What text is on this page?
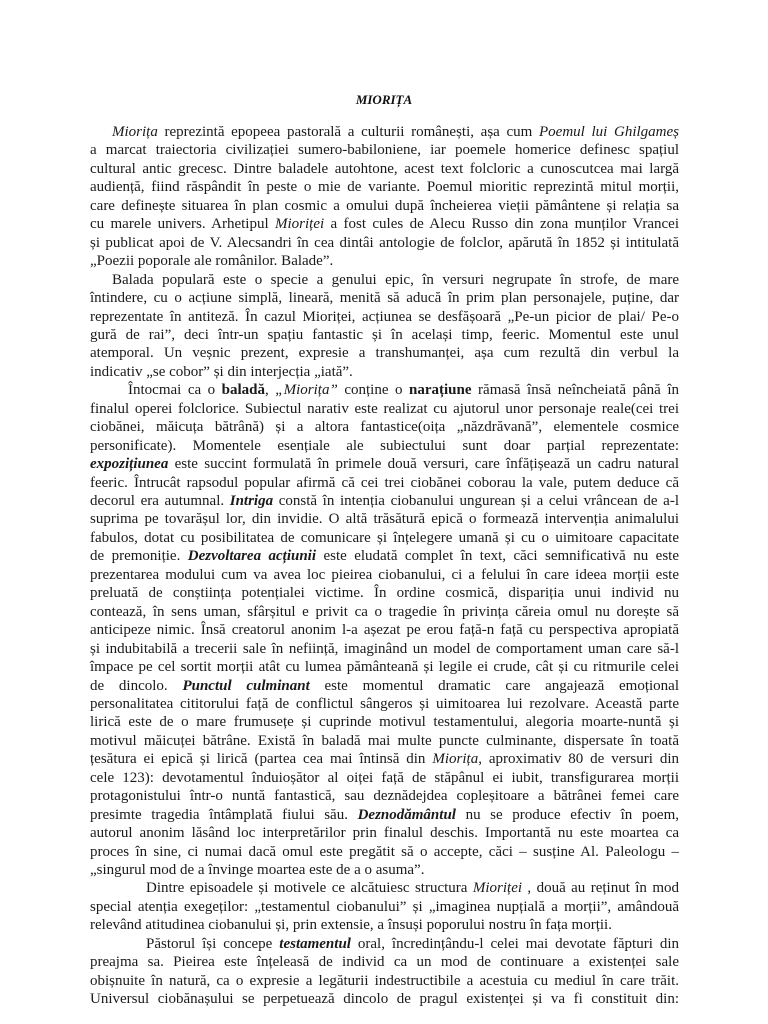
MIORIȚA
Miorița reprezintă epopeea pastorală a culturii românești, așa cum Poemul lui Ghilgameș
a marcat traiectoria civilizației sumero-babiloniene, iar poemele homerice definesc spațiul
cultural antic grecesc. Dintre baladele autohtone, acest text folcloric a cunoscutcea mai largă
audiență, fiind răspândit în peste o mie de variante. Poemul mioritic reprezintă mitul morții,
care definește situarea în plan cosmic a omului după încheierea vieții pământene și relația sa
cu marele univers. Arhetipul Mioriței a fost cules de Alecu Russo din zona munților Vrancei
și publicat apoi de V. Alecsandri în cea dintâi antologie de folclor, apărută în 1852 și intitulată
„Poezii poporale ale românilor. Balade”.
Balada populară este o specie a genului epic, în versuri negrupate în strofe, de mare
întindere, cu o acțiune simplă, lineară, menită să aducă în prim plan personajele, puține, dar
reprezentate în antiteză. În cazul Mioriței, acțiunea se desfășoară „Pe-un picior de plai/ Pe-o
gură de rai”, deci într-un spațiu fantastic și în același timp, feeric. Momentul este unul
atemporal. Un veșnic prezent, expresie a transhumanței, așa cum rezultă din verbul la
indicativ „se cobor” și din interjecția „iată”.
Întocmai ca o baladă, „Miorița” conține o narațiune rămasă însă neîncheiată până în
finalul operei folclorice. Subiectul narativ este realizat cu ajutorul unor personaje reale(cei trei
ciobănei, măicuța bătrână) și a altora fantastice(oița „năzdrăvană”, elementele cosmice
personificate). Momentele esențiale ale subiectului sunt doar parțial reprezentate:
expozițiunea este succint formulată în primele două versuri, care înfățișează un cadru natural
feeric. Întrucât rapsodul popular afirmă că cei trei ciobănei coborau la vale, putem deduce că
decorul era autumnal. Intriga constă în intenția ciobanului ungurean și a celui vrâncean de a-l
suprima pe tovarășul lor, din invidie. O altă trăsătură epică o formează intervenția animalului
fabulos, dotat cu posibilitatea de comunicare și înțelegere umană și cu o uimitoare capacitate
de premoniție. Dezvoltarea acțiunii este eludată complet în text, căci semnificativă nu este
prezentarea modului cum va avea loc pieirea ciobanului, ci a felului în care ideea morții este
preluată de conștiința potențialei victime. În ordine cosmică, dispariția unui individ nu
contează, în sens uman, sfârșitul e privit ca o tragedie în privința căreia omul nu dorește să
anticipeze nimic. Însă creatorul anonim l-a așezat pe erou față-n față cu perspectiva apropiată
și indubitabilă a trecerii sale în neființă, imaginând un model de comportament uman care să-l
împace pe cel sortit morții atât cu lumea pământeană și legile ei crude, cât și cu ritmurile celei
de dincolo. Punctul culminant este momentul dramatic care angajează emoțional
personalitatea cititorului față de conflictul sângeros și uimitoarea lui rezolvare. Această parte
lirică este de o mare frumusețe și cuprinde motivul testamentului, alegoria moarte-nuntă și
motivul măicuței bătrâne. Există în baladă mai multe puncte culminante, dispersate în toată
țesătura ei epică și lirică (partea cea mai întinsă din Miorița, aproximativ 80 de versuri din
cele 123): devotamentul înduioșător al oiței față de stăpânul ei iubit, transfigurarea morții
protagonistului într-o nuntă fantastică, sau deznădejdea copleșitoare a bătrânei femei care
presimte tragedia întâmplată fiului său. Deznodământul nu se produce efectiv în poem,
autorul anonim lăsând loc interpretărilor prin finalul deschis. Importantă nu este moartea ca
proces în sine, ci numai dacă omul este pregătit să o accepte, căci – susține Al. Paleologu –
„singurul mod de a învinge moartea este de a o asuma”.
Dintre episoadele și motivele ce alcătuiesc structura Mioriței , două au reținut în mod
special atenția exegeților: „testamentul ciobanului” și „imaginea nupțială a morții”, amândouă
relevând atitudinea ciobanului și, prin extensie, a însuși poporului nostru în fața morții.
Păstorul își concepe testamentul oral, încredințându-l celei mai devotate făpturi din
preajma sa. Pieirea este înțeleasă de individ ca un mod de continuare a existenței sale
obișnuite în natură, ca o expresie a legăturii indestructibile a acestuia cu mediul în care trăit.
Universul ciobănașului se perpetuează dincolo de pragul existenței și va fi constituit din:
